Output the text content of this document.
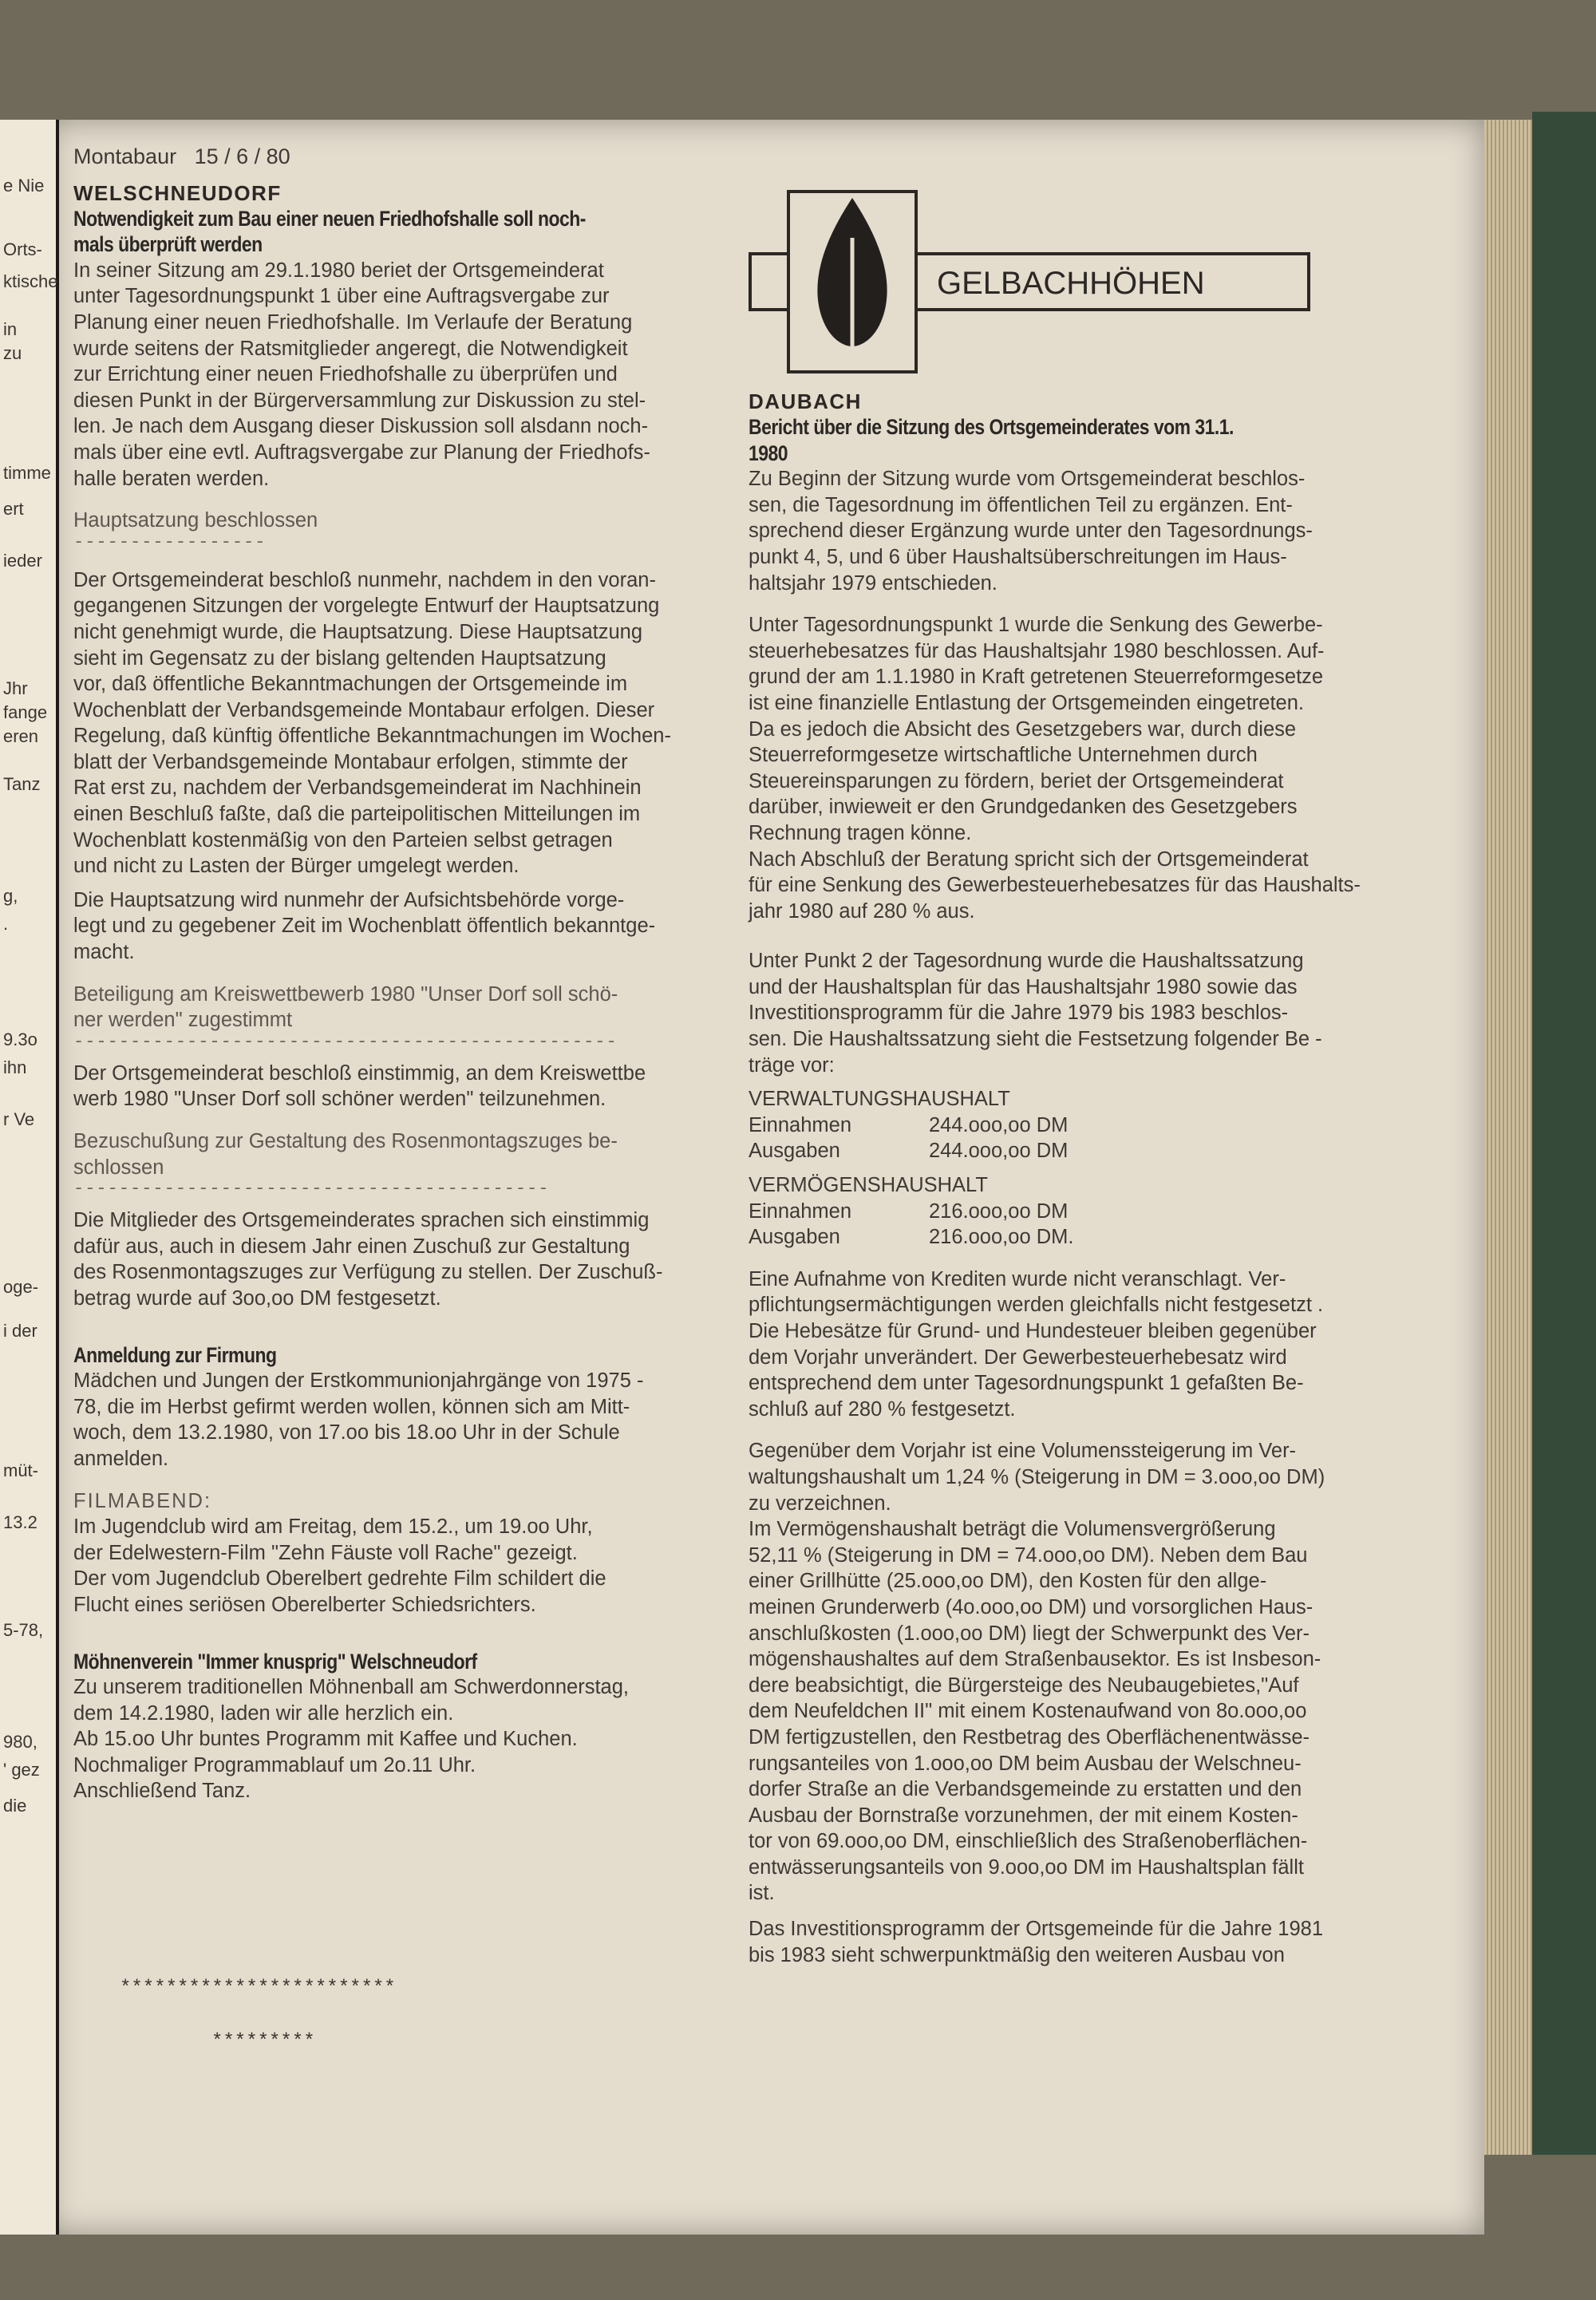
e Nie
Orts-
ktische
in
zu
timme
ert
ieder
Jhr
fange
eren
Tanz
g,
.
9.3o
ihn
r Ve
oge-
i der
müt-
13.2
5-78,
980,
' gez
die
Montabaur 15 / 6 / 80
WELSCHNEUDORF
Notwendigkeit zum Bau einer neuen Friedhofshalle soll noch-
mals überprüft werden
In seiner Sitzung am 29.1.1980 beriet der Ortsgemeinderat
unter Tagesordnungspunkt 1 über eine Auftragsvergabe zur
Planung einer neuen Friedhofshalle. Im Verlaufe der Beratung
wurde seitens der Ratsmitglieder angeregt, die Notwendigkeit
zur Errichtung einer neuen Friedhofshalle zu überprüfen und
diesen Punkt in der Bürgerversammlung zur Diskussion zu stel-
len. Je nach dem Ausgang dieser Diskussion soll alsdann noch-
mals über eine evtl. Auftragsvergabe zur Planung der Friedhofs-
halle beraten werden.
Hauptsatzung beschlossen
-----------------
Der Ortsgemeinderat beschloß nunmehr, nachdem in den voran-
gegangenen Sitzungen der vorgelegte Entwurf der Hauptsatzung
nicht genehmigt wurde, die Hauptsatzung. Diese Hauptsatzung
sieht im Gegensatz zu der bislang geltenden Hauptsatzung
vor, daß öffentliche Bekanntmachungen der Ortsgemeinde im
Wochenblatt der Verbandsgemeinde Montabaur erfolgen. Dieser
Regelung, daß künftig öffentliche Bekanntmachungen im Wochen-
blatt der Verbandsgemeinde Montabaur erfolgen, stimmte der
Rat erst zu, nachdem der Verbandsgemeinderat im Nachhinein
einen Beschluß faßte, daß die parteipolitischen Mitteilungen im
Wochenblatt kostenmäßig von den Parteien selbst getragen
und nicht zu Lasten der Bürger umgelegt werden.
Die Hauptsatzung wird nunmehr der Aufsichtsbehörde vorge-
legt und zu gegebener Zeit im Wochenblatt öffentlich bekanntge-
macht.
Beteiligung am Kreiswettbewerb 1980 "Unser Dorf soll schö-
ner werden" zugestimmt
------------------------------------------------
Der Ortsgemeinderat beschloß einstimmig, an dem Kreiswettbe
werb 1980 "Unser Dorf soll schöner werden" teilzunehmen.
Bezuschußung zur Gestaltung des Rosenmontagszuges be-
schlossen
------------------------------------------
Die Mitglieder des Ortsgemeinderates sprachen sich einstimmig
dafür aus, auch in diesem Jahr einen Zuschuß zur Gestaltung
des Rosenmontagszuges zur Verfügung zu stellen. Der Zuschuß-
betrag wurde auf 3oo,oo DM festgesetzt.
Anmeldung zur Firmung
Mädchen und Jungen der Erstkommunionjahrgänge von 1975 -
78, die im Herbst gefirmt werden wollen, können sich am Mitt-
woch, dem 13.2.1980, von 17.oo bis 18.oo Uhr in der Schule
anmelden.
FILMABEND:
Im Jugendclub wird am Freitag, dem 15.2., um 19.oo Uhr,
der Edelwestern-Film "Zehn Fäuste voll Rache" gezeigt.
Der vom Jugendclub Oberelbert gedrehte Film schildert die
Flucht eines seriösen Oberelberter Schiedsrichters.
Möhnenverein "Immer knusprig" Welschneudorf
Zu unserem traditionellen Möhnenball am Schwerdonnerstag,
dem 14.2.1980, laden wir alle herzlich ein.
Ab 15.oo Uhr buntes Programm mit Kaffee und Kuchen.
Nochmaliger Programmablauf um 2o.11 Uhr.
Anschließend Tanz.
************************
*********
GELBACHHÖHEN
DAUBACH
Bericht über die Sitzung des Ortsgemeinderates vom 31.1.
1980
Zu Beginn der Sitzung wurde vom Ortsgemeinderat beschlos-
sen, die Tagesordnung im öffentlichen Teil zu ergänzen. Ent-
sprechend dieser Ergänzung wurde unter den Tagesordnungs-
punkt 4, 5, und 6 über Haushaltsüberschreitungen im Haus-
haltsjahr 1979 entschieden.
Unter Tagesordnungspunkt 1 wurde die Senkung des Gewerbe-
steuerhebesatzes für das Haushaltsjahr 1980 beschlossen. Auf-
grund der am 1.1.1980 in Kraft getretenen Steuerreformgesetze
ist eine finanzielle Entlastung der Ortsgemeinden eingetreten.
Da es jedoch die Absicht des Gesetzgebers war, durch diese
Steuerreformgesetze wirtschaftliche Unternehmen durch
Steuereinsparungen zu fördern, beriet der Ortsgemeinderat
darüber, inwieweit er den Grundgedanken des Gesetzgebers
Rechnung tragen könne.
Nach Abschluß der Beratung spricht sich der Ortsgemeinderat
für eine Senkung des Gewerbesteuerhebesatzes für das Haushalts-
jahr 1980 auf 280 % aus.
Unter Punkt 2 der Tagesordnung wurde die Haushaltssatzung
und der Haushaltsplan für das Haushaltsjahr 1980 sowie das
Investitionsprogramm für die Jahre 1979 bis 1983 beschlos-
sen. Die Haushaltssatzung sieht die Festsetzung folgender Be -
träge vor:
VERWALTUNGSHAUSHALT
Einnahmen	244.ooo,oo DM
Ausgaben	244.ooo,oo DM
VERMÖGENSHAUSHALT
Einnahmen	216.ooo,oo DM
Ausgaben	216.ooo,oo DM.
Eine Aufnahme von Krediten wurde nicht veranschlagt. Ver-
pflichtungsermächtigungen werden gleichfalls nicht festgesetzt .
Die Hebesätze für Grund- und Hundesteuer bleiben gegenüber
dem Vorjahr unverändert. Der Gewerbesteuerhebesatz wird
entsprechend dem unter Tagesordnungspunkt 1 gefaßten Be-
schluß auf 280 % festgesetzt.
Gegenüber dem Vorjahr ist eine Volumenssteigerung im Ver-
waltungshaushalt um 1,24 % (Steigerung in DM = 3.ooo,oo DM)
zu verzeichnen.
Im Vermögenshaushalt beträgt die Volumensvergrößerung
52,11 % (Steigerung in DM = 74.ooo,oo DM). Neben dem Bau
einer Grillhütte (25.ooo,oo DM), den Kosten für den allge-
meinen Grunderwerb (4o.ooo,oo DM) und vorsorglichen Haus-
anschlußkosten (1.ooo,oo DM) liegt der Schwerpunkt des Ver-
mögenshaushaltes auf dem Straßenbausektor. Es ist Insbeson-
dere beabsichtigt, die Bürgersteige des Neubaugebietes,"Auf
dem Neufeldchen II" mit einem Kostenaufwand von 8o.ooo,oo
DM fertigzustellen, den Restbetrag des Oberflächenentwässe-
rungsanteiles von 1.ooo,oo DM beim Ausbau der Welschneu-
dorfer Straße an die Verbandsgemeinde zu erstatten und den
Ausbau der Bornstraße vorzunehmen, der mit einem Kosten-
tor von 69.ooo,oo DM, einschließlich des Straßenoberflächen-
entwässerungsanteils von 9.ooo,oo DM im Haushaltsplan fällt
ist.
Das Investitionsprogramm der Ortsgemeinde für die Jahre 1981
bis 1983 sieht schwerpunktmäßig den weiteren Ausbau von
